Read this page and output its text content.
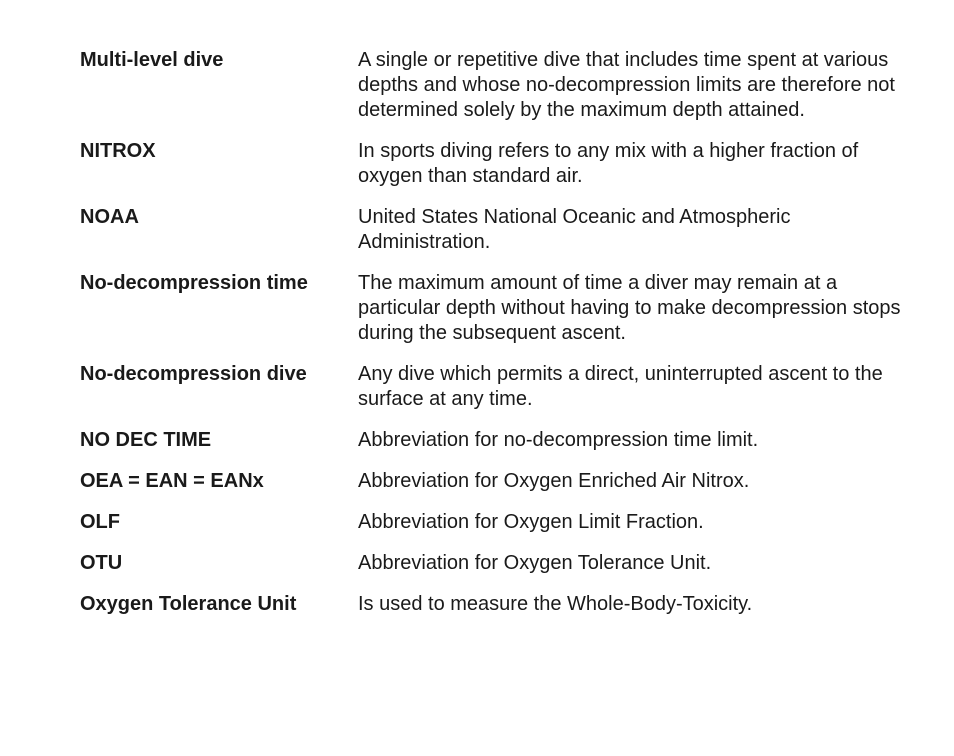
Multi-level dive	A single or repetitive dive that includes time spent at various depths and whose no-decompression limits are therefore not determined solely by the maximum depth attained.
NITROX	In sports diving refers to any mix with a higher fraction of oxygen than standard air.
NOAA	United States National Oceanic and Atmospheric Administration.
No-decompression time	The maximum amount of time a diver may remain at a particular depth without having to make decompression stops during the subsequent ascent.
No-decompression dive	Any dive which permits a direct, uninterrupted ascent to the surface at any time.
NO DEC TIME	Abbreviation for no-decompression time limit.
OEA = EAN = EANx	Abbreviation for Oxygen Enriched Air Nitrox.
OLF	Abbreviation for Oxygen Limit Fraction.
OTU	Abbreviation for Oxygen Tolerance Unit.
Oxygen Tolerance Unit	Is used to measure the Whole-Body-Toxicity.
